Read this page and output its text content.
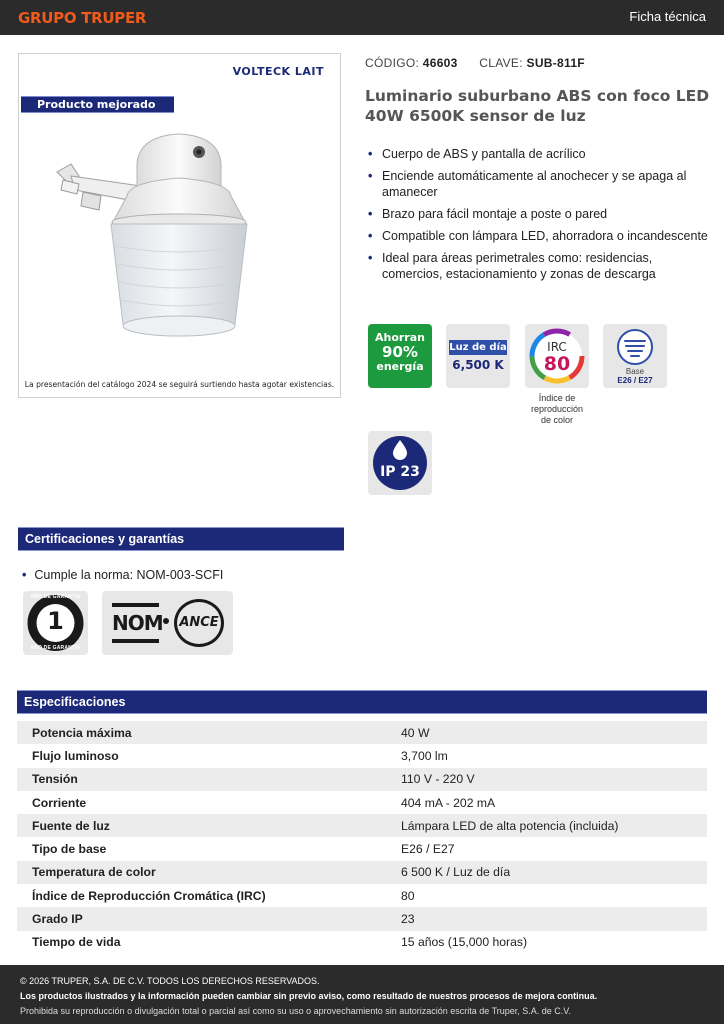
GRUPO TRUPER	Ficha técnica
VOLTECK LAIT
Producto mejorado
La presentación del catálogo 2024 se seguirá surtiendo hasta agotar existencias.
CÓDIGO: 46603 CLAVE: SUB-811F
Luminario suburbano ABS con foco LED 40W 6500K sensor de luz
• Cuerpo de ABS y pantalla de acrílico
• Enciende automáticamente al anochecer y se apaga al amanecer
• Brazo para fácil montaje a poste o pared
• Compatible con lámpara LED, ahorradora o incandescente
• Ideal para áreas perimetrales como: residencias, comercios, estacionamiento y zonas de descarga
Ahorran
90%
energía
Luz de día
6,500 K
IRC
80
Índice de
reproducción
de color
Base
E26 / E27
IP 23
Certificaciones y garantías
• Cumple la norma: NOM-003-SCFI
1
AÑO DE GARANTÍA
AÑO DE GARANTÍA
NOM	ANCE
Especificaciones
Potencia máxima	40 W
Flujo luminoso	3,700 lm
Tensión	110 V - 220 V
Corriente	404 mA - 202 mA
Fuente de luz	Lámpara LED de alta potencia (incluida)
Tipo de base	E26 / E27
Temperatura de color	6 500 K / Luz de día
Índice de Reproducción Cromática (IRC)	80
Grado IP	23
Tiempo de vida	15 años (15,000 horas)
© 2026 TRUPER, S.A. DE C.V. TODOS LOS DERECHOS RESERVADOS.
Los productos ilustrados y la información pueden cambiar sin previo aviso, como resultado de nuestros procesos de mejora continua.
Prohibida su reproducción o divulgación total o parcial así como su uso o aprovechamiento sin autorización escrita de Truper, S.A. de C.V.
